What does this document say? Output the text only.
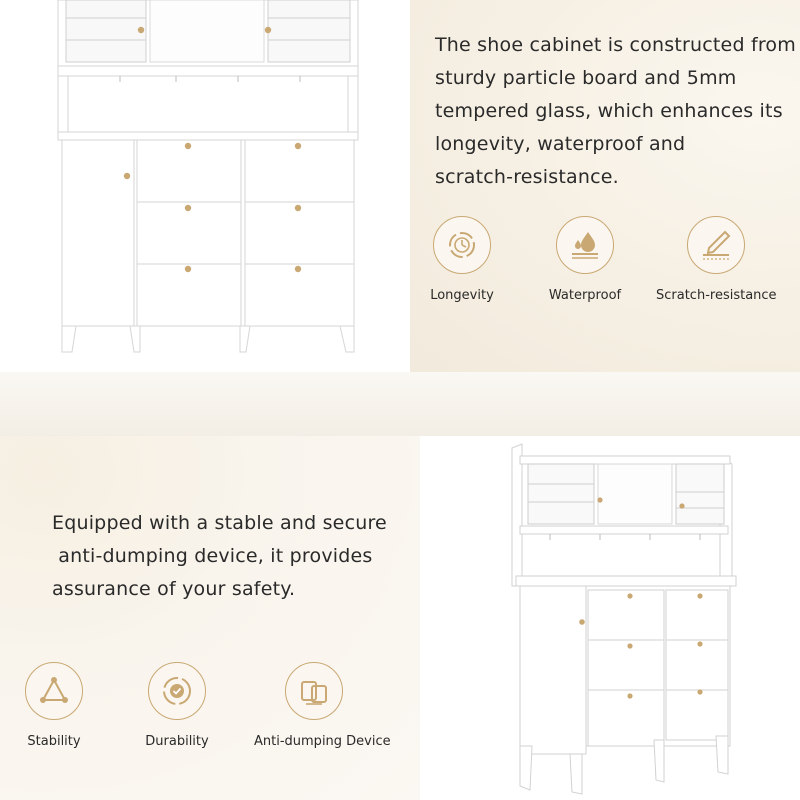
The shoe cabinet is constructed from
sturdy particle board and 5mm
tempered glass, which enhances its
longevity, waterproof and
scratch-resistance.
Longevity	Waterproof	Scratch-resistance
Equipped with a stable and secure
anti-dumping device, it provides
assurance of your safety.
Stability	Durability	Anti-dumping Device
